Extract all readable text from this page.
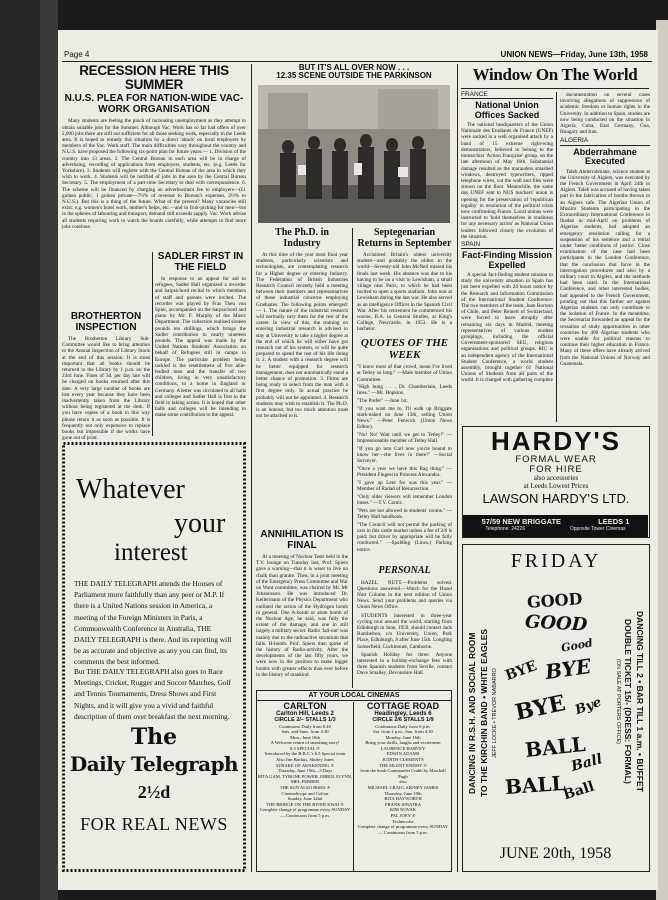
Page 4	UNION NEWS—Friday, June 13th, 1958
RECESSION HERE THIS SUMMER
N.U.S. PLEA FOR NATION-WIDE VAC-WORK ORGANISATION
Many students are feeling the pinch of increasing unemployment as they attempt to obtain suitable jobs for the Summer. Although Vac. Work has so far had offers of over 2,000 jobs there are still not sufficient for all those seeking work, especially in the Leeds area. It is hoped to remedy this situation by a direct 'attack' on local employers by members of the Vac. Work staff. The main difficulties vary throughout the country and N.U.S. have proposed the following six-point plan for future years:— 1. Division of the country into 13 areas. 2. The Central Bureau in each area will be in charge of advertising, recording of applications from employers, students, etc. (e.g. Leeds for Yorkshire). 3. Students will register with the Central Bureau of the area in which they wish to work. 4. Students will be notified of jobs in the area by the Central Bureau Secretary. 5. The employment of a part-time Secretary to deal with correspondence. 6. The scheme will be financed by charging an advertisement fee to employers—(£1 guinea public, 1 guinea private—7½% of revenue to Bureau's expenses, 2½% to N.U.S.). But this is a thing of the future. What of the present? Many vacancies still exist: e.g. women's hotel work, mother's helps, etc.—and in fruit-picking for men—but in the spheres of labouring and transport, demand still exceeds supply. Vac. Work advise all students requiring work to watch the boards carefully, while attempts to find more jobs continue.
BROTHERTON INSPECTION
The Brotherton Library Sub-Committee would like to bring attention to the Annual Inspection of Library Stock at the end of this session. It is most important that all books should be returned to the Library by 1 p.m. on the 23rd June. Fines of 3d. per day late will be charged on books returned after this date. A very large number of books are lost every year because they have been inadvertently taken from the Library without being registered at the desk. If you have copies of a book in this way please return it as soon as possible. It is frequently not only expensive to replace books but impossible if the works have gone out of print.
SADLER FIRST IN THE FIELD
In response to an appeal for aid to refugees, Sadler Hall organized a recorder and harpsichord recital to which members of staff and parents were invited. The recorder was played by Fras Theu von Spier, accompanied on the harpsichord and piano by Mr. F. Murphy of the Music Department. The collection realised sixteen pounds ten shillings, which brings the Sadler contribution to nearly nineteen pounds. The appeal was made by the United Nations Students' Association on behalf of Refugees still in camps in Europe. The particular problem being tackled is the resettlement of five able-bodied men and the transfer of two children, living in very unsatisfactory conditions, to a home in England or Germany. A letter was circulated to all halls and colleges and Sadler Hall is first in the field in taking action. It is hoped that other halls and colleges will be intending to make some contribution to the appeal.
Whatever
your
interest
THE DAILY TELEGRAPH attends the Houses of Parliament more faithfully than any peer or M.P. If there is a United Nations session in America, a meeting of the Foreign Ministers in Paris, a Commonwealth Conference in Australia, THE DAILY TELEGRAPH is there. And its reporting will be as accurate and objective as any you can find, its comments the best informed.
But THE DAILY TELEGRAPH also goes to Race Meetings, Cricket, Rugger and Soccer Matches, Golf and Tennis Tournaments, Dress Shows and First Nights, and it will give you a vivid and faithful description of them over breakfast the next morning.
The
Daily Telegraph
2½d
FOR REAL NEWS
BUT IT'S ALL OVER NOW . . .
12.35 SCENE OUTSIDE THE PARKINSON
The Ph.D. in Industry
At this time of the year most final year students, particularly scientists and technologists, are contemplating research for a Higher degree or entering Industry. The Federation of British Industries Research Council recently held a meeting between their members and representatives of those industrial concerns employing Graduates. The following points emerged:— 1. The nature of the industrial research will normally vary them for the rest of the career. In view of this, the training on entering industrial research is advised to stay at University to take a higher degree at the end of which he will either have got research out of his system, or will be quite prepared to spend the rest of his life doing it. 2. A student with a research degree will be better equipped for research management, does not automatically stand a better chance of promotion. 3. Firms are being ready to select from the man with a first degree only. In actual practice he probably will not be appointed. 4. Research students may wish to establish it. The Ph.D. is an honour, but too much attention must not be attached to it.
ANNIHILATION IS FINAL
At a meeting of Nuclear Tests held in the T.V. lounge on Tuesday last, Prof. Spiers gave a warning—that it is wiser to live on chalk than granite. Then, in a joint meeting of the Emergency Press Committee and War on Want committee, was chaired by Mr. Mr Johannsson. He was introduced Dr. Kellermann of the Physics Department who outlined the action of the Hydrogen bomb in general. One A-bomb or atom bomb of the Nuclear Age, he said, was fully the extent of the damage, and one in still largely a military secret. Radio 'fall-out' was mainly due to the radioactive strontium that falls. H-bomb. Prof. Spiers then spoke of the history of Radio-activity. After the developments of the last fifty years, we were now in the position to make bigger bombs with greater effects than ever before in the history of mankind.
Septegenarian Returns in September
Acclaimed Britain's oldest university student—and probably the oldest in the world—Seventy-old John McNeil missed his finals last week. His absence was due to his having to be on a visit to Lewisham, a small village near Paris, to which he had been invited to open a sports stadium. John was at Lewisham during the last war. He also served as an intelligence Officer in the Spanish Civil War. After his retirement he commenced his course, B.A. in General Studies, at King's College, Newcastle, in 1953. He is a bachelor.
QUOTES OF THE WEEK
"I know most of that crowd, mean I've lived at Tetley so long." —Male member of Union Committee.
"High hung . . . Dr. Chamberlain, Leeds lines." —Mr. Hopkins.
"The Prefer" —June 1st.
"If you want me to, I'll walk up Briggate stark-naked on June 13th, selling Union News." —Peter Fenwick (Union News Editor).
"No! No! Wait until we get to Tetley!" —Impressionable member of Tetley Hall.
"If you go into Carl now you're bound to know her—she lives in there!" —Social Surveyor.
"Once a year we have this Rag thing." —President Fingest to Princess Alexandra.
"I gave up Lent for was this year." —Member of Radad of Resurrection.
"Only older viewers will remember London buses." —T.V. Comic.
"Pets are not allowed in students' rooms." —Tetley Hall handbook.
"The Council will not permit the parking of cars in this cattle market unless a fee of 2/6 is paid; but driver by appropriate will be fully conducted." —Spalding (Lincs.) Parking notice.
PERSONAL
HAZEL NUTT.—Problems solved. Questions answered.—Watch for the Hazel Nutt Column in the next edition of Union News. Send your problems and queries via Union News Office.
STUDENTS interested in three-year cycling tour around the world, starting from Edinburgh in June, 1959, should contact Jack Rumbelton, c/o University, Union, Park Place, Edinburgh, 8 after June 15th. Longling Somerfield, Cuckmount, Camborne.
Spanish Holiday for three. Anyone interested in a holiday-exchange fees with three Spanish students from Seville, contact Dave Smalley, Devonshire Hall.
AT YOUR LOCAL CINEMAS
CARLTON
Carlton Hill, Leeds 2
CIRCLE 2/– STALLS 1/3
Continuous Daily from 6.40
Sats. and Suns. from 4.30
Mon., June 16th
A Welcome return of smashing story!
6.5 SPECIAL ®
Introduced by the B.B.C.'s 6.5 Special team
Also Jim Backus, Shirley Jones
STRAKE OF AWAKENING ®
Thursday, June 19th—3 Days
RITA GAM, TYRONE POWER, ERROL FLYNN, MEL FERRER
THE SUN ALSO RISES ®
CinemaScope and Colour
Sunday, June 22nd
THE BRIDGE ON THE RIVER KWAI ®
Complete change of programme every SUNDAY — Continuous from 5 p.m.
COTTAGE ROAD
Headingley, Leeds 6
CIRCLE 2/6 STALLS 1/9
Continuous Daily from 6 p.m.
Sat. from 2 p.m., Sun. from 4.30
Monday, June 16th
Bring your thrills, laughs and excitement
LAURENCE HARVEY
EDWIN ADAMS
JUDITH CLEMENTS
THE SILENT ENEMY ®
from the book Commander Crabb by Marshall Pugh
also
MICHAEL CRAIG, SIDNEY JAMES
Thursday, June 19th
RITA HAYWORTH
FRANK SINATRA
KIM NOVAK
PAL JOEY ®
Technicolor
Complete change of programme every SUNDAY — Continuous from 5 p.m.
Window On The World
FRANCE
National Union Offices Sacked
The national headquarters of the Union Nationale des Etudiants de France (UNEF) were sacked in a well organised attack by a band of 15 extreme right-wing demonstrators, believed to belong to the monarchist 'Action Française' group, on the late afternoon of May 16th. Substantial damage resulted as the marauders smashed windows, destroyed typewriters, ripped telephone wires, cut the wall and files were strewn on the floor. Meanwhile, the same day UNEF sent to NUS teachers' union is opening for the preservation of 'republican legality' in resolution of the political crisis now confronting France. Local unions were instructed to 'hold themselves in readiness for any necessary action' as National Union leaders followed closely the evolution of the situation.
SPAIN
Fact-Finding Mission Expelled
A special fact-finding student mission to study the university situation in Spain has just been expelled with 24 hours notice by the Research and Information Commission of the International Student Conference. The two members of the team, Juan Borrero of Chile, and Peter Reinert of Switzerland, were forced to leave abruptly after remaining six days in Madrid, meeting representatives of various student groupings, including the official Government-sponsored SEU, religious organisations and political groups. RIC is an independent agency of the International Student Conference, a world student assembly, brought together 61 National Unions of Students from all parts of the world. It is charged with gathering complete
documentation on several cases involving allegations of suppression of academic freedom or human rights in the University. In addition to Spain, studies are now being conducted on the situation in Algeria, Cuba, East Germany, Goa, Hungary and Iran.
ALGERIA
Abderrahmane Executed
Taleb Abderrahmane, science student at the University of Algiers, was executed by the French Government in April 24th in Algiers. Taleb was accused of having taken part in the fabrication of bombs thrown in an Algiers cafe. The Algerian Union of Muslim Students participating in the Extraordinary International Conference in Ibadan in mid-April on problems of Algerian students, had adopted an emergency resolution calling for a suspension of his sentence and a retrial under 'better conditions of justice'. Close examination of the case had been participants in the London Conference, that the conclusion that force in the interrogation procedures and also by a military court in Algiers, and the methods had been used. In the International Conference, and other interested bodies, had appealed to the French Government, pointing out that this further act against Algerian students can only contribute to the isolation of France. In the meantime, the Secretariat forwarded an appeal for the cessation of study opportunities in other countries for 400 Algerian students who were unable for political reasons to continue their higher education in France. Many of these offers have already arrived from the National Unions of Norway and Guatemala.
HARDY'S
FORMAL WEAR
FOR HIRE
also accessories
at Leeds Lowest Prices
LAWSON HARDY'S LTD.
57/59 NEW BRIGGATE	LEEDS 1
Telephone: 24226	Opposite Tower Cinemas
FRIDAY
DANCING IN R.S.H. AND SOCIAL ROOM TO THE KIRCHIN BAND • WHITE EAGLES JEFF LOCKE • TREVOR NABARRO	DANCING TILL 2 • BAR TILL 1 a.m. • BUFFET
DOUBLE TICKET 15/- (DRESS: FORMAL)
(ON SALE AT PORTERS OFFICE)
GOOD
GOOD
Good
BYE BYE
BYE Bye
BALL
Ball
BALL
Ball
JUNE 20th, 1958
